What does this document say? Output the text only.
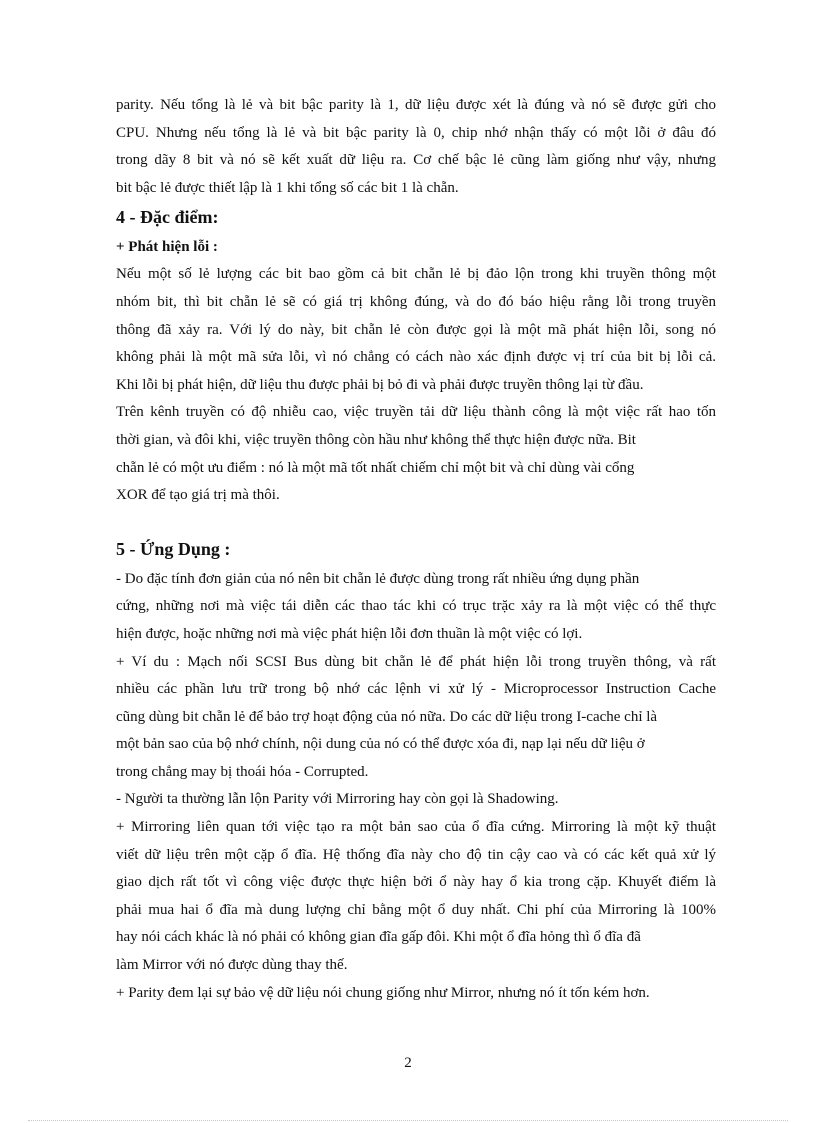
parity. Nếu tổng là lẻ và bit bậc parity là 1, dữ liệu được xét là đúng và nó sẽ được gửi cho
CPU. Nhưng nếu tổng là lẻ và bit bậc parity là 0, chip nhớ nhận thấy có một lỗi ở đâu đó
trong dãy 8 bit và nó sẽ kết xuất dữ liệu ra. Cơ chế bậc lẻ cũng làm giống như vậy, nhưng
bit bậc lẻ được thiết lập là 1 khi tổng số các bit 1 là chẵn.
4 - Đặc điểm:
+ Phát hiện lỗi :
Nếu một số lẻ lượng các bit bao gồm cả bit chẵn lẻ bị đảo lộn trong khi truyền thông một
nhóm bit, thì bit chẵn lẻ sẽ có giá trị không đúng, và do đó báo hiệu rằng lỗi trong truyền
thông đã xảy ra. Với lý do này, bit chẵn lẻ còn được gọi là một mã phát hiện lỗi, song nó
không phải là một mã sửa lỗi, vì nó chẳng có cách nào xác định được vị trí của bit bị lỗi cả.
Khi lỗi bị phát hiện, dữ liệu thu được phải bị bỏ đi và phải được truyền thông lại từ đầu.
Trên kênh truyền có độ nhiễu cao, việc truyền tải dữ liệu thành công là một việc rất hao tốn
thời gian, và đôi khi, việc truyền thông còn hầu như không thể thực hiện được nữa. Bit
chẵn lẻ có một ưu điểm : nó là một mã tốt nhất chiếm chỉ một bit và chỉ dùng vài cổng
XOR để tạo giá trị mà thôi.
5 - Ứng Dụng :
- Do đặc tính đơn giản của nó nên bit chẵn lẻ được dùng trong rất nhiều ứng dụng phần
cứng, những nơi mà việc tái diễn các thao tác khi có trục trặc xảy ra là một việc có thể thực
hiện được, hoặc những nơi mà việc phát hiện lỗi đơn thuần là một việc có lợi.
+ Ví du : Mạch nối SCSI Bus dùng bit chẵn lẻ để phát hiện lỗi trong truyền thông, và rất
nhiều các phần lưu trữ trong bộ nhớ các lệnh vi xử lý - Microprocessor Instruction Cache
cũng dùng bit chẵn lẻ để bảo trợ hoạt động của nó nữa. Do các dữ liệu trong I-cache chỉ là
một bản sao của bộ nhớ chính, nội dung của nó có thể được xóa đi, nạp lại nếu dữ liệu ở
trong chẳng may bị thoái hóa - Corrupted.
- Người ta thường lẫn lộn Parity với Mirroring hay còn gọi là Shadowing.
+ Mirroring liên quan tới việc tạo ra một bản sao của ổ đĩa cứng. Mirroring là một kỹ thuật
viết dữ liệu trên một cặp ổ đĩa. Hệ thống đĩa này cho độ tin cậy cao và có các kết quả xử lý
giao dịch rất tốt vì công việc được thực hiện bởi ổ này hay ổ kia trong cặp. Khuyết điểm là
phải mua hai ổ đĩa mà dung lượng chỉ bằng một ổ duy nhất. Chi phí của Mirroring là 100%
hay nói cách khác là nó phải có không gian đĩa gấp đôi. Khi một ổ đĩa hỏng thì ổ đĩa đã
làm Mirror với nó được dùng thay thế.
+ Parity đem lại sự bảo vệ dữ liệu nói chung giống như Mirror, nhưng nó ít tốn kém hơn.
2
